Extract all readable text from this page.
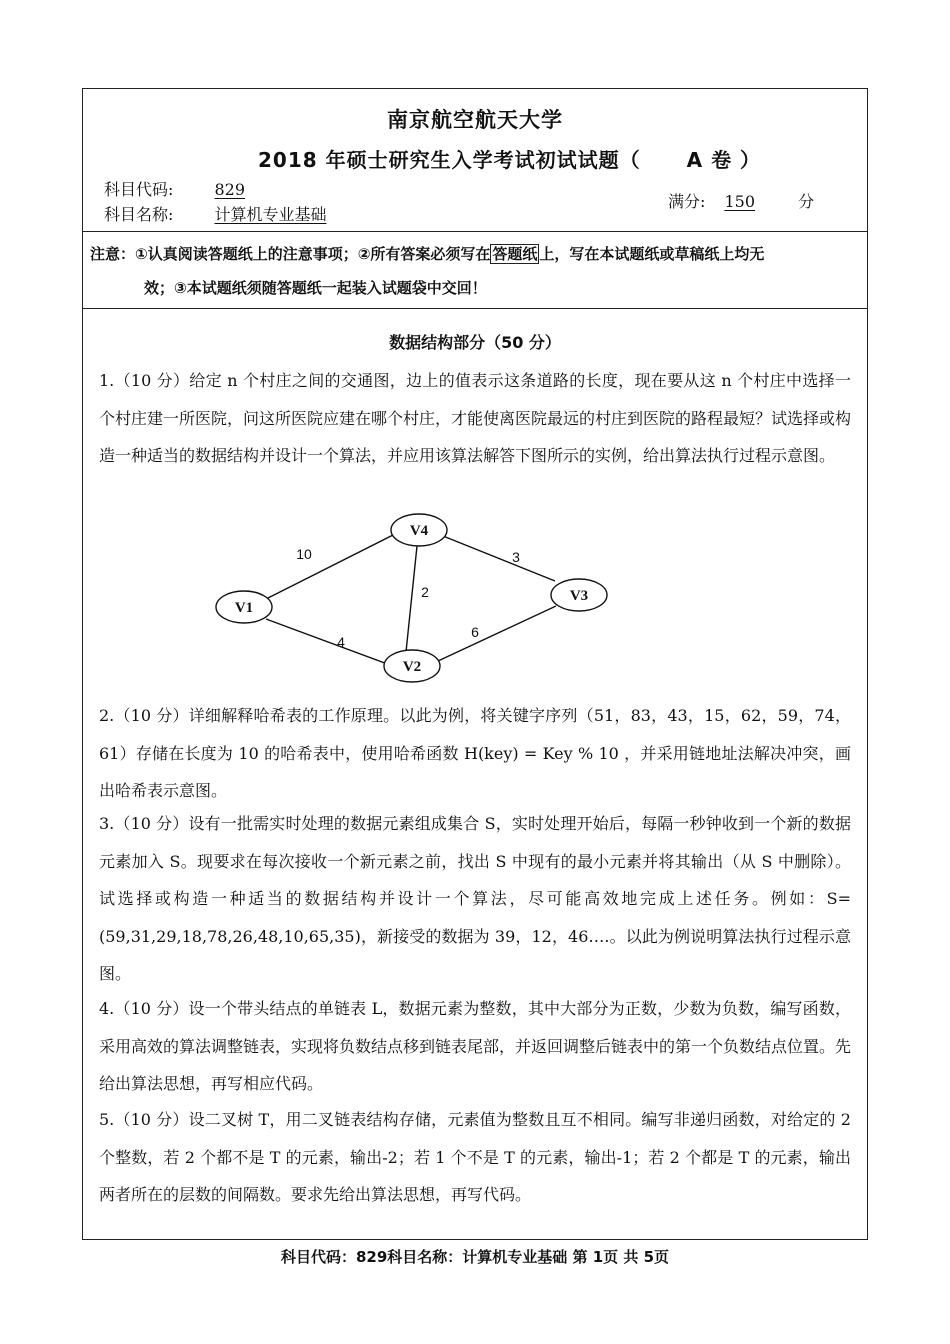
南京航空航天大学
2018 年硕士研究生入学考试初试试题（ A 卷 ）
科目代码:	829
科目名称:	计算机专业基础
满分: 150	分
注意：①认真阅读答题纸上的注意事项；②所有答案必须写在 答题纸 上，写在本试题纸或草稿纸上均无
效；③本试题纸须随答题纸一起装入试题袋中交回！
数据结构部分（50 分）
1.（10 分）给定 n 个村庄之间的交通图，边上的值表示这条道路的长度，现在要从这 n 个村庄中选择一个村庄建一所医院，问这所医院应建在哪个村庄，才能使离医院最远的村庄到医院的路程最短？试选择或构造一种适当的数据结构并设计一个算法，并应用该算法解答下图所示的实例，给出算法执行过程示意图。
V4
V1
V3
V2
10	3
2
4
6
2.（10 分）详细解释哈希表的工作原理。以此为例，将关键字序列（51，83，43，15，62，59，74，61）存储在长度为 10 的哈希表中，使用哈希函数 H(key) = Key % 10 ，并采用链地址法解决冲突，画出哈希表示意图。
3.（10 分）设有一批需实时处理的数据元素组成集合 S，实时处理开始后，每隔一秒钟收到一个新的数据元素加入 S。现要求在每次接收一个新元素之前，找出 S 中现有的最小元素并将其输出（从 S 中删除）。试选择或构造一种适当的数据结构并设计一个算法，尽可能高效地完成上述任务。例如：S=(59,31,29,18,78,26,48,10,65,35)，新接受的数据为 39，12，46….。以此为例说明算法执行过程示意图。
4.（10 分）设一个带头结点的单链表 L，数据元素为整数，其中大部分为正数，少数为负数，编写函数，采用高效的算法调整链表，实现将负数结点移到链表尾部，并返回调整后链表中的第一个负数结点位置。先给出算法思想，再写相应代码。
5.（10 分）设二叉树 T，用二叉链表结构存储，元素值为整数且互不相同。编写非递归函数，对给定的 2 个整数，若 2 个都不是 T 的元素，输出-2；若 1 个不是 T 的元素，输出-1；若 2 个都是 T 的元素，输出两者所在的层数的间隔数。要求先给出算法思想，再写代码。
科目代码：829科目名称：计算机专业基础 第 1页 共 5页
